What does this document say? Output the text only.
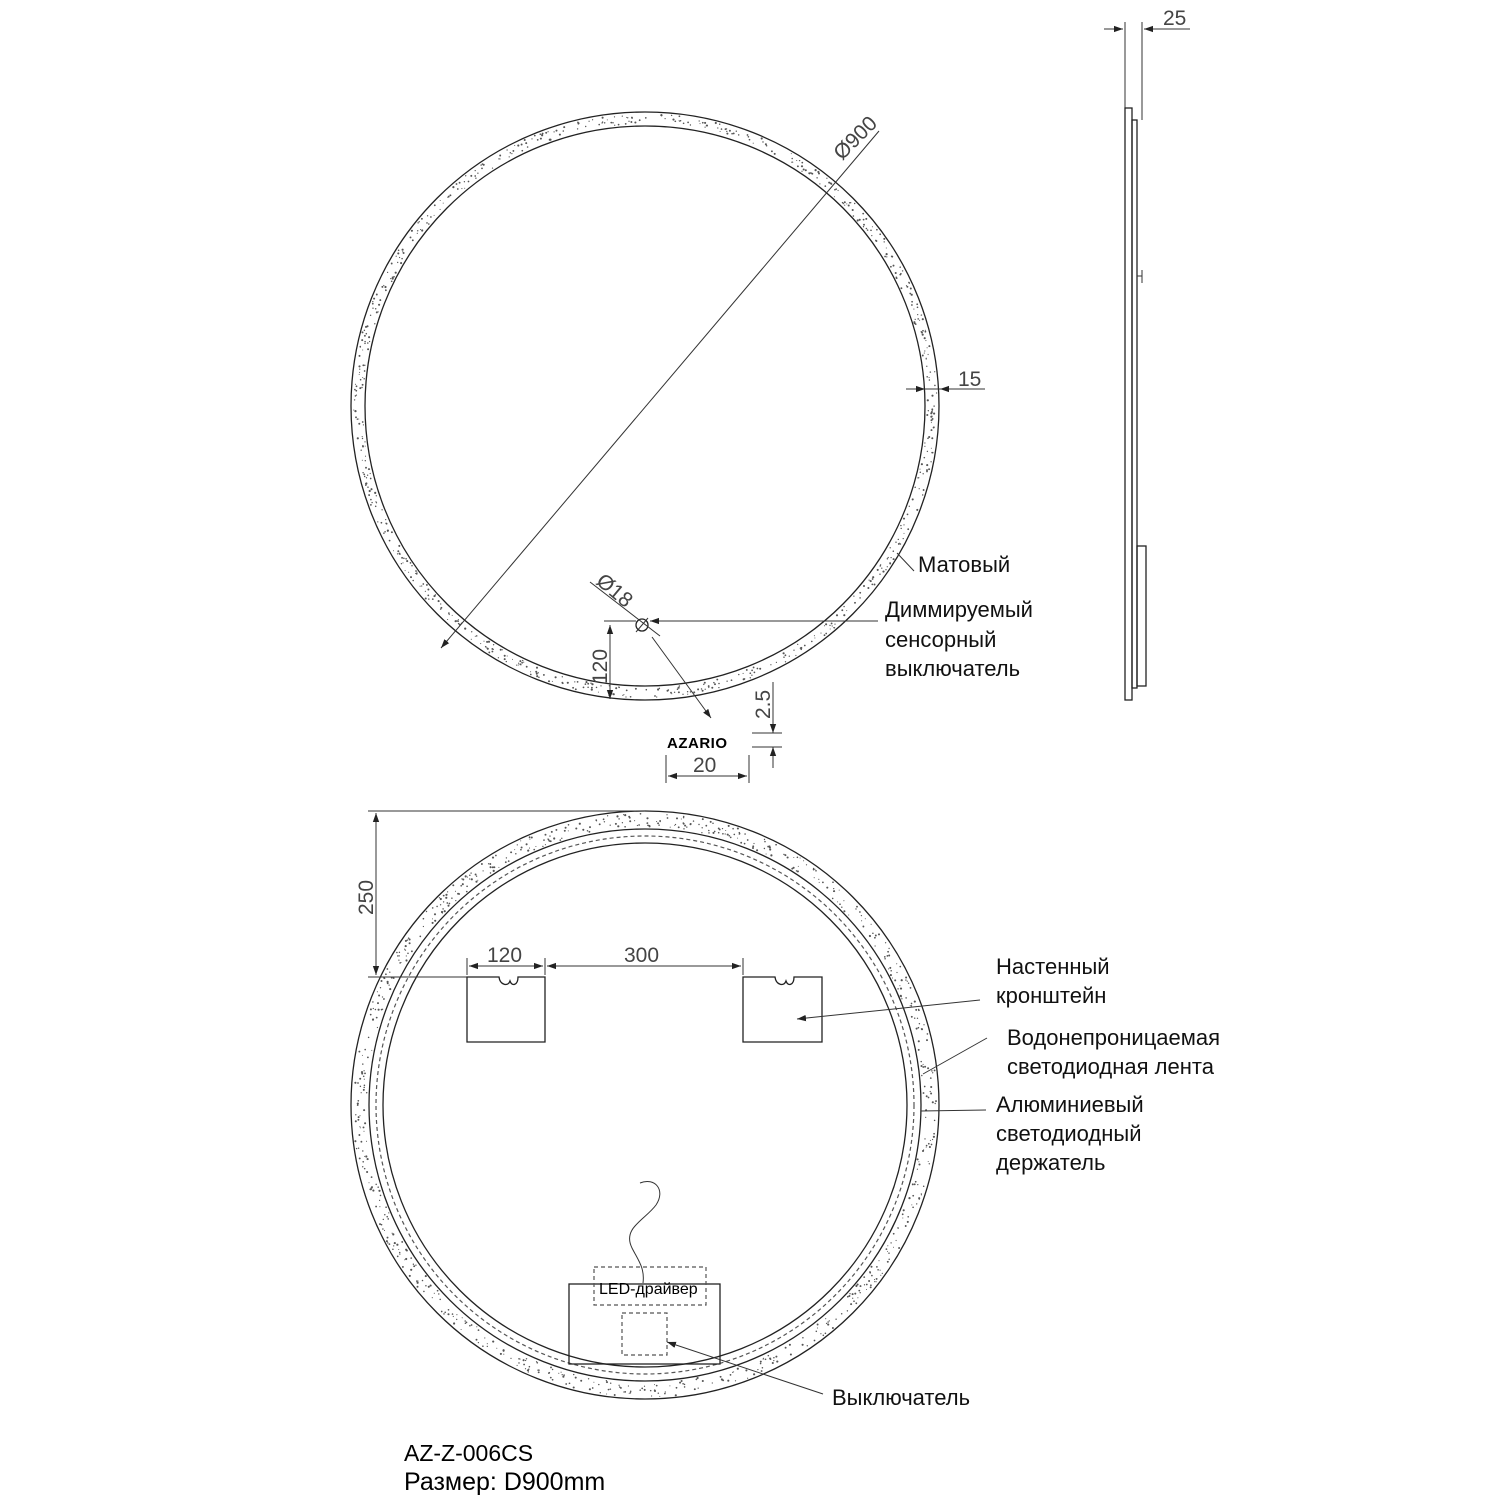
Ø900
15
Матовый
Ø18	Диммируемый
сенсорный
выключатель
120
AZARIO
2.5
20
25
250
120	300	Настенный
кронштейн
Водонепроницаемая
светодиодная лента
Алюминиевый
светодиодный
держатель
LED-драйвер
Выключатель
AZ-Z-006CS
Размер: D900mm
